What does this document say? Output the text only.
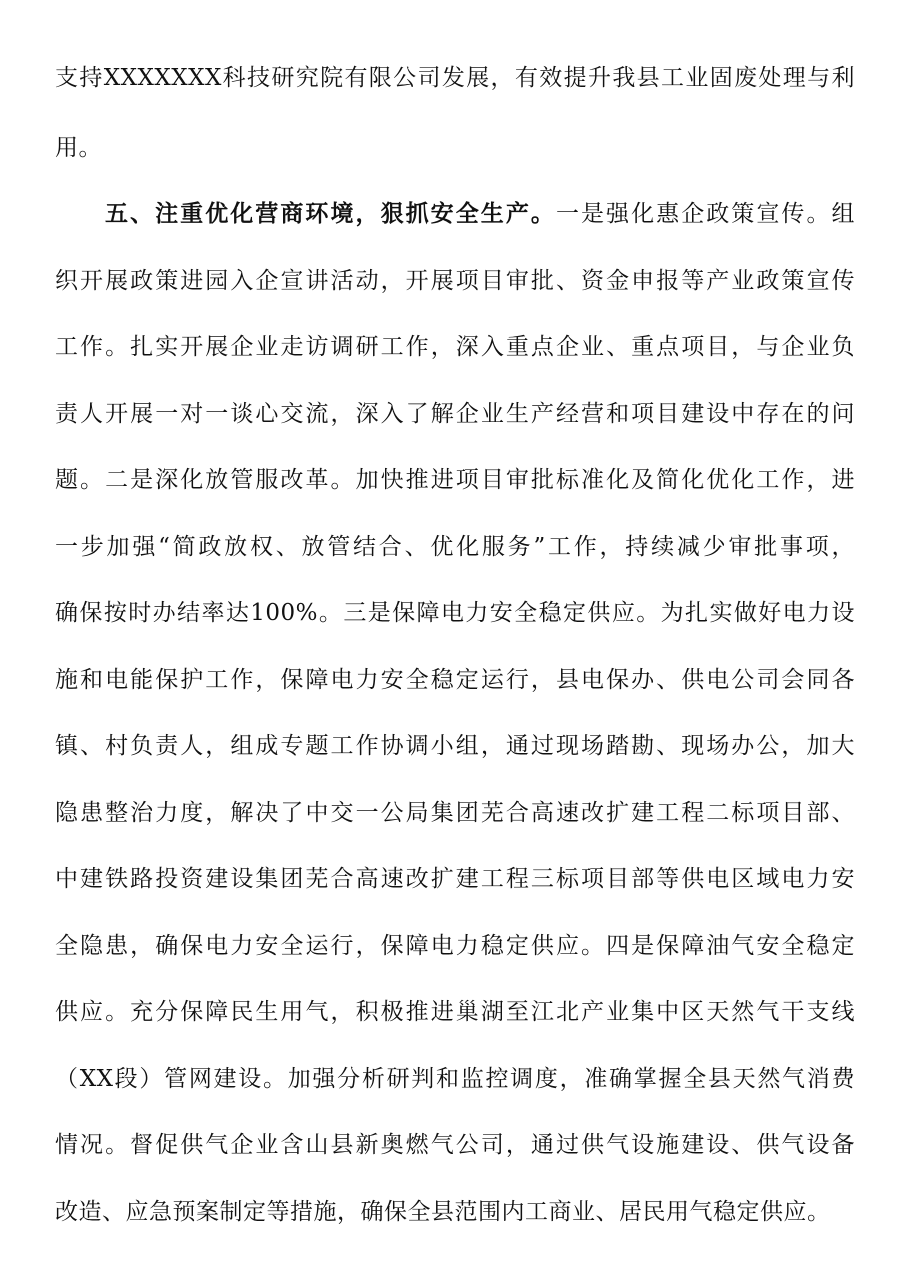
支持XXXXXXX科技研究院有限公司发展，有效提升我县工业固废处理与利
用。
五、注重优化营商环境，狠抓安全生产。一是强化惠企政策宣传。组
织开展政策进园入企宣讲活动，开展项目审批、资金申报等产业政策宣传
工作。扎实开展企业走访调研工作，深入重点企业、重点项目，与企业负
责人开展一对一谈心交流，深入了解企业生产经营和项目建设中存在的问
题。二是深化放管服改革。加快推进项目审批标准化及简化优化工作，进
一步加强“简政放权、放管结合、优化服务”工作，持续减少审批事项，
确保按时办结率达100%。三是保障电力安全稳定供应。为扎实做好电力设
施和电能保护工作，保障电力安全稳定运行，县电保办、供电公司会同各
镇、村负责人，组成专题工作协调小组，通过现场踏勘、现场办公，加大
隐患整治力度，解决了中交一公局集团芜合高速改扩建工程二标项目部、
中建铁路投资建设集团芜合高速改扩建工程三标项目部等供电区域电力安
全隐患，确保电力安全运行，保障电力稳定供应。四是保障油气安全稳定
供应。充分保障民生用气，积极推进巢湖至江北产业集中区天然气干支线
（XX段）管网建设。加强分析研判和监控调度，准确掌握全县天然气消费
情况。督促供气企业含山县新奥燃气公司，通过供气设施建设、供气设备
改造、应急预案制定等措施，确保全县范围内工商业、居民用气稳定供应。
